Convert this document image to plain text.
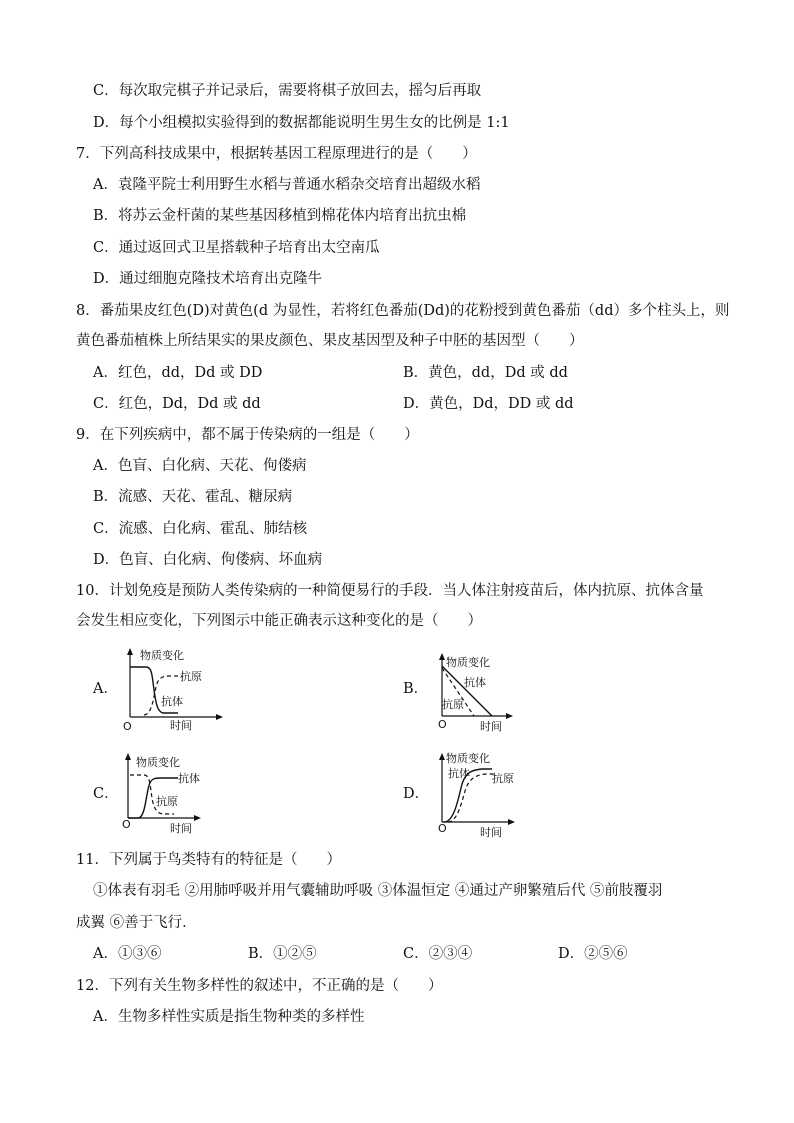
C．每次取完棋子并记录后，需要将棋子放回去，摇匀后再取
D．每个小组模拟实验得到的数据都能说明生男生女的比例是 1:1
7．下列高科技成果中，根据转基因工程原理进行的是（　　）
A．袁隆平院士利用野生水稻与普通水稻杂交培育出超级水稻
B．将苏云金杆菌的某些基因移植到棉花体内培育出抗虫棉
C．通过返回式卫星搭载种子培育出太空南瓜
D．通过细胞克隆技术培育出克隆牛
8．番茄果皮红色(D)对黄色(d 为显性，若将红色番茄(Dd)的花粉授到黄色番茄（dd）多个柱头上，则
黄色番茄植株上所结果实的果皮颜色、果皮基因型及种子中胚的基因型（　　）
A．红色，dd，Dd 或 DD	B．黄色，dd，Dd 或 dd
C．红色，Dd，Dd 或 dd	D．黄色，Dd，DD 或 dd
9．在下列疾病中，都不属于传染病的一组是（　　）
A．色盲、白化病、天花、佝偻病
B．流感、天花、霍乱、糖尿病
C．流感、白化病、霍乱、肺结核
D．色盲、白化病、佝偻病、坏血病
10．计划免疫是预防人类传染病的一种简便易行的手段．当人体注射疫苗后，体内抗原、抗体含量
会发生相应变化，下列图示中能正确表示这种变化的是（　　）
A．	B．
C．	D．
物质变化
抗原
抗体
O	时间
物质变化
抗体
抗原
O	时间
物质变化
抗体
抗原
O	时间
物质变化
抗体 抗原
O	时间
11．下列属于鸟类特有的特征是（　　）
①体表有羽毛 ②用肺呼吸并用气囊辅助呼吸 ③体温恒定 ④通过产卵繁殖后代 ⑤前肢覆羽
成翼 ⑥善于飞行．
A．①③⑥	B．①②⑤	C．②③④	D．②⑤⑥
12．下列有关生物多样性的叙述中，不正确的是（　　）
A．生物多样性实质是指生物种类的多样性
